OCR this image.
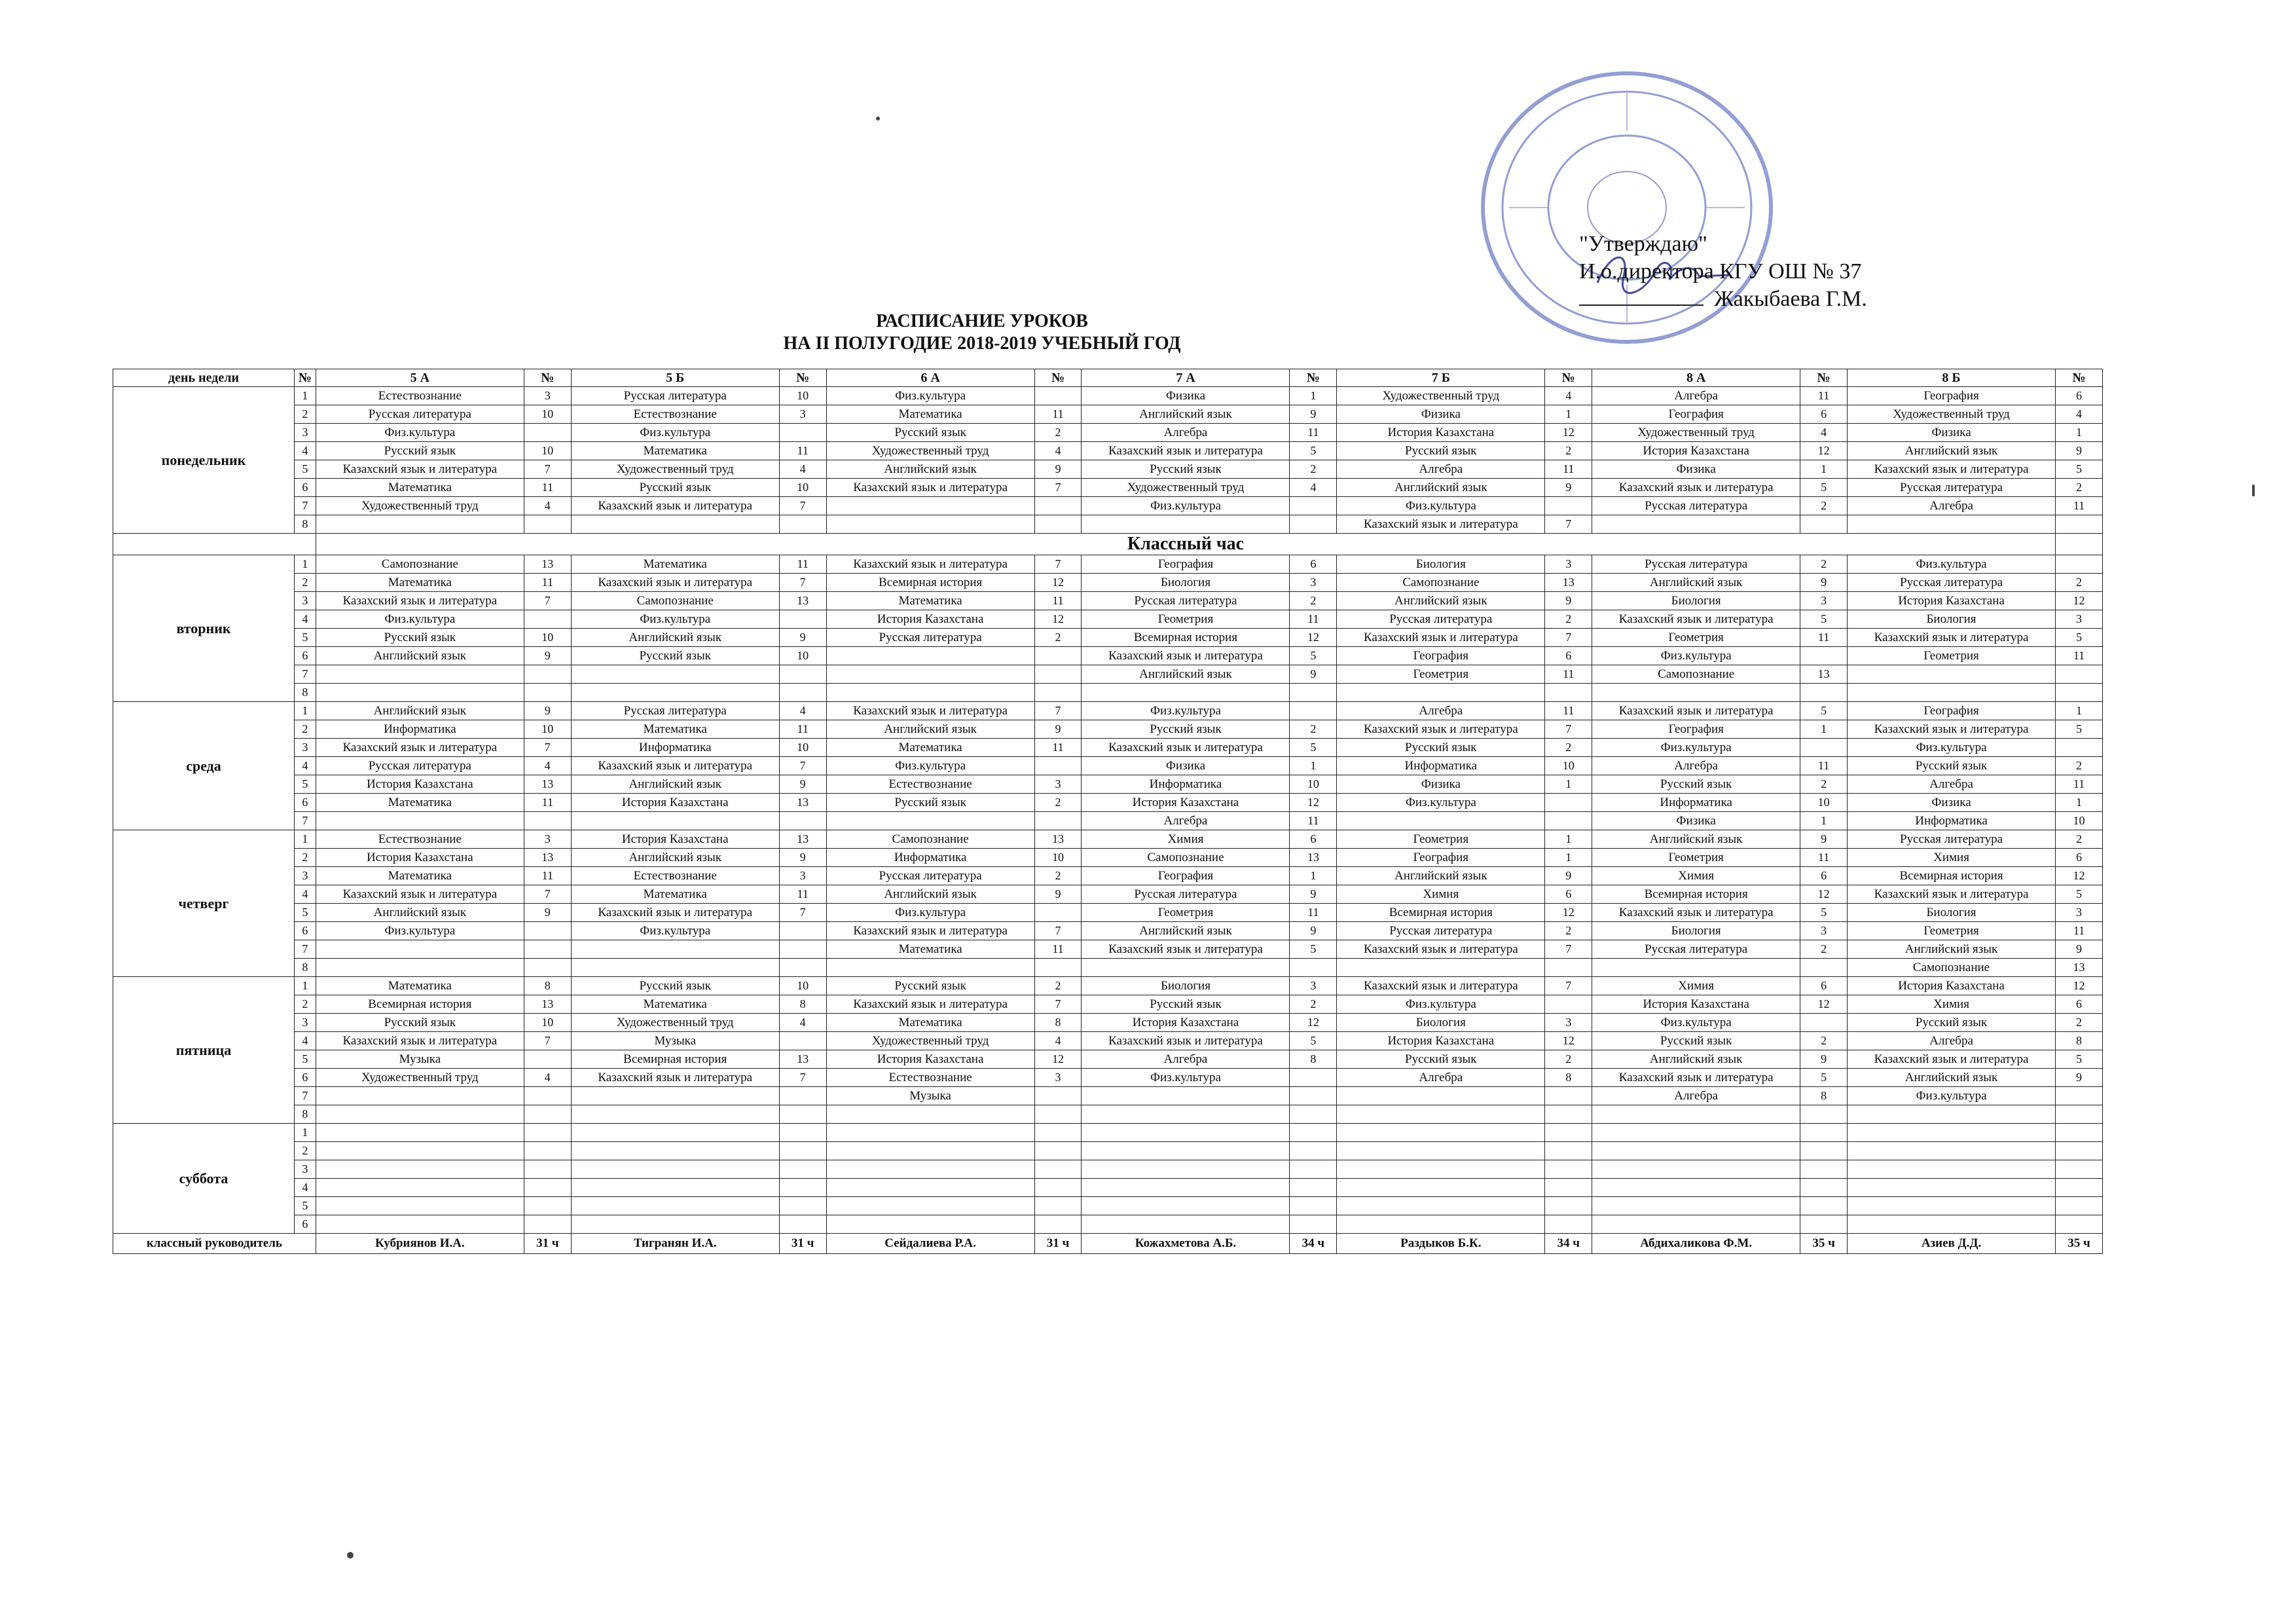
"Утверждаю"
И.о.директора КГУ ОШ № 37
Жакыбаева Г.М.
РАСПИСАНИЕ УРОКОВ
НА II ПОЛУГОДИЕ 2018-2019 УЧЕБНЫЙ ГОД
день недели	№	5 А	№	5 Б	№	6 А	№	7 А	№	7 Б	№	8 А	№	8 Б	№
понедельник	1	Естествознание	3	Русская литература	10	Физ.культура		Физика	1	Художественный труд	4	Алгебра	11	География	6
	2	Русская литература	10	Естествознание	3	Математика	11	Английский язык	9	Физика	1	География	6	Художественный труд	4
	3	Физ.культура		Физ.культура		Русский язык	2	Алгебра	11	История Казахстана	12	Художественный труд	4	Физика	1
	4	Русский язык	10	Математика	11	Художественный труд	4	Казахский язык и литература	5	Русский язык	2	История Казахстана	12	Английский язык	9
	5	Казахский язык и литература	7	Художественный труд	4	Английский язык	9	Русский язык	2	Алгебра	11	Физика	1	Казахский язык и литература	5
	6	Математика	11	Русский язык	10	Казахский язык и литература	7	Художественный труд	4	Английский язык	9	Казахский язык и литература	5	Русская литература	2
	7	Художественный труд	4	Казахский язык и литература	7			Физ.культура		Физ.культура		Русская литература	2	Алгебра	11
	8									Казахский язык и литература	7				
		Классный час													
вторник	1	Самопознание	13	Математика	11	Казахский язык и литература	7	География	6	Биология	3	Русская литература	2	Физ.культура	
	2	Математика	11	Казахский язык и литература	7	Всемирная история	12	Биология	3	Самопознание	13	Английский язык	9	Русская литература	2
	3	Казахский язык и литература	7	Самопознание	13	Математика	11	Русская литература	2	Английский язык	9	Биология	3	История Казахстана	12
	4	Физ.культура		Физ.культура		История Казахстана	12	Геометрия	11	Русская литература	2	Казахский язык и литература	5	Биология	3
	5	Русский язык	10	Английский язык	9	Русская литература	2	Всемирная история	12	Казахский язык и литература	7	Геометрия	11	Казахский язык и литература	5
	6	Английский язык	9	Русский язык	10			Казахский язык и литература	5	География	6	Физ.культура		Геометрия	11
	7							Английский язык	9	Геометрия	11	Самопознание	13		
	8														
среда	1	Английский язык	9	Русская литература	4	Казахский язык и литература	7	Физ.культура		Алгебра	11	Казахский язык и литература	5	География	1
	2	Информатика	10	Математика	11	Английский язык	9	Русский язык	2	Казахский язык и литература	7	География	1	Казахский язык и литература	5
	3	Казахский язык и литература	7	Информатика	10	Математика	11	Казахский язык и литература	5	Русский язык	2	Физ.культура		Физ.культура	
	4	Русская литература	4	Казахский язык и литература	7	Физ.культура		Физика	1	Информатика	10	Алгебра	11	Русский язык	2
	5	История Казахстана	13	Английский язык	9	Естествознание	3	Информатика	10	Физика	1	Русский язык	2	Алгебра	11
	6	Математика	11	История Казахстана	13	Русский язык	2	История Казахстана	12	Физ.культура		Информатика	10	Физика	1
	7							Алгебра	11			Физика	1	Информатика	10
четверг	1	Естествознание	3	История Казахстана	13	Самопознание	13	Химия	6	Геометрия	1	Английский язык	9	Русская литература	2
	2	История Казахстана	13	Английский язык	9	Информатика	10	Самопознание	13	География	1	Геометрия	11	Химия	6
	3	Математика	11	Естествознание	3	Русская литература	2	География	1	Английский язык	9	Химия	6	Всемирная история	12
	4	Казахский язык и литература	7	Математика	11	Английский язык	9	Русская литература	9	Химия	6	Всемирная история	12	Казахский язык и литература	5
	5	Английский язык	9	Казахский язык и литература	7	Физ.культура		Геометрия	11	Всемирная история	12	Казахский язык и литература	5	Биология	3
	6	Физ.культура		Физ.культура		Казахский язык и литература	7	Английский язык	9	Русская литература	2	Биология	3	Геометрия	11
	7					Математика	11	Казахский язык и литература	5	Казахский язык и литература	7	Русская литература	2	Английский язык	9
	8													Самопознание	13
пятница	1	Математика	8	Русский язык	10	Русский язык	2	Биология	3	Казахский язык и литература	7	Химия	6	История Казахстана	12
	2	Всемирная история	13	Математика	8	Казахский язык и литература	7	Русский язык	2	Физ.культура		История Казахстана	12	Химия	6
	3	Русский язык	10	Художественный труд	4	Математика	8	История Казахстана	12	Биология	3	Физ.культура		Русский язык	2
	4	Казахский язык и литература	7	Музыка		Художественный труд	4	Казахский язык и литература	5	История Казахстана	12	Русский язык	2	Алгебра	8
	5	Музыка		Всемирная история	13	История Казахстана	12	Алгебра	8	Русский язык	2	Английский язык	9	Казахский язык и литература	5
	6	Художественный труд	4	Казахский язык и литература	7	Естествознание	3	Физ.культура		Алгебра	8	Казахский язык и литература	5	Английский язык	9
	7					Музыка						Алгебра	8	Физ.культура	
	8														
суббота	1														
	2														
	3														
	4														
	5														
	6														
классный руководитель		Кубриянов И.А.	31 ч	Тигранян И.А.	31 ч	Сейдалиева Р.А.	31 ч	Кожахметова А.Б.	34 ч	Раздыков Б.К.	34 ч	Абдихаликова Ф.М.	35 ч	Азиев Д.Д.	35 ч
